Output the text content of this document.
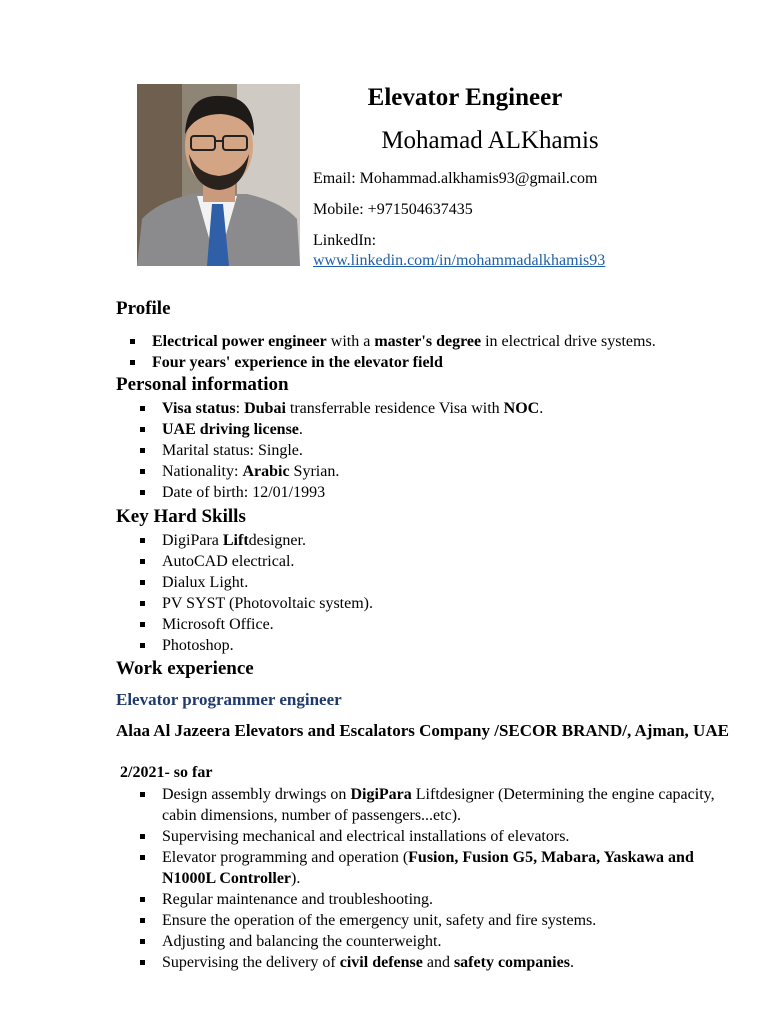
Elevator Engineer
Mohamad ALKhamis
Email: Mohammad.alkhamis93@gmail.com
Mobile: +971504637435
LinkedIn:
www.linkedin.com/in/mohammadalkhamis93
Profile
Electrical power engineer with a master's degree in electrical drive systems.
Four years' experience in the elevator field
Personal information
Visa status: Dubai transferrable residence Visa with NOC.
UAE driving license.
Marital status: Single.
Nationality: Arabic Syrian.
Date of birth: 12/01/1993
Key Hard Skills
DigiPara Liftdesigner.
AutoCAD electrical.
Dialux Light.
PV SYST (Photovoltaic system).
Microsoft Office.
Photoshop.
Work experience
Elevator programmer engineer
Alaa Al Jazeera Elevators and Escalators Company /SECOR BRAND/, Ajman, UAE
2/2021- so far
Design assembly drwings on DigiPara Liftdesigner (Determining the engine capacity, cabin dimensions, number of passengers...etc).
Supervising mechanical and electrical installations of elevators.
Elevator programming and operation (Fusion, Fusion G5, Mabara, Yaskawa and N1000L Controller).
Regular maintenance and troubleshooting.
Ensure the operation of the emergency unit, safety and fire systems.
Adjusting and balancing the counterweight.
Supervising the delivery of civil defense and safety companies.
